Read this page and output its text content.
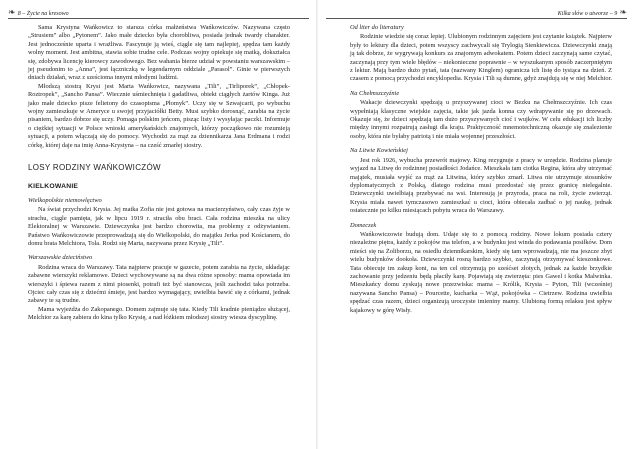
❧ 8 – Życie na kresowo

Sama Krystyna Wańkowicz to starsza córka małżeństwa Wańkowiczów. Nazywana często „Strusiem” albo „Pytonem”. Jako małe dziecko była chorobliwa, posiada jednak twardy charakter. Jest jednocześnie uparta i wrażliwa. Fascynuje ją wieś, ciągle się tam najlepiej, spędza tam każdy wolny moment. Jest ambitna, stawia sobie trudne cele. Podczas wojny opiekuje się matką, dokształca się, zdobywa licencję kierowcy zawodowego. Bez wahania bierze udział w powstaniu warszawskim – jej pseudonim to „Anna”, jest łączniczką w legendarnym oddziale „Parasol”. Ginie w pierwszych dniach działań, wraz z sześcioma innymi młodymi ludźmi.

Młodszą siostrą Krysi jest Marta Wańkowicz, nazywana „Tili”, „Tirliporek”, „Chłopek-Roztropek”, „Sancho Pansa”. Wiecznie uśmiechnięta i gadatliwa, obiekt ciągłych żartów Kinga. Już jako małe dziecko pisze felietony do czasopisma „Płomyk”. Uczy się w Szwajcarii, po wybuchu wojny zamieszkuje w Ameryce u swojej przyjaciółki Betty. Musi szybko dorosnąć, zarabia na życie pisaniem, bardzo dobrze się uczy. Pomaga polskim jeńcom, pisząc listy i wysyłając paczki. Informuje o ciężkiej sytuacji w Polsce wnioski amerykańskich znajomych, którzy początkowo nie rozumieją sytuacji, a potem włączają się do pomocy. Wychodzi za mąż za dziennikarza Jana Erdmana i rodzi córkę, której daje na imię Anna-Krystyna – na cześć zmarłej siostry.

LOSY RODZINY WAŃKOWICZÓW
KIELKOWANIE
Wielkopolskie niemowlęctwo

Na świat przychodzi Krysia. Jej matka Zofia nie jest gotowa na macierzyństwo, cały czas żyje w strachu, ciągle pamięta, jak w lipcu 1919 r. straciła obu braci. Cała rodzina mieszka na ulicy Elektoralnej w Warszawie. Dziewczynka jest bardzo chorowita, ma problemy z odżywianiem. Państwo Wańkowiczowie przeprowadzają się do Wielkopolski, do majątku Jerka pod Kościanem, do domu brata Melchiora, Tola. Rodzi się Marta, nazywana przez Krysię „Tili”.

Warszawskie dzieciństwo

Rodzina wraca do Warszawy. Tata najpierw pracuje w gazecie, potem zarabia na życie, układając zabawne wierszyki reklamowe. Dzieci wychowywane są na dwa różne sposoby: mama opowiada im wierszyki i śpiewa razem z nimi piosenki, potrafi też być stanowcza, jeśli zachodzi taka potrzeba. Ojciec cały czas się z dziećmi śmieje, jest bardzo wymagający, uwielbia bawić się z córkami, jednak zabawy te są trudne.

Mama wyjeżdża do Zakopanego. Domem zajmuje się tata. Kiedy Tili kradnie pieniądze służącej, Melchior za karę zabiera do kina tylko Krysię, a nad łóżkiem młodszej siostry wiesza dyscyplinę.

Kilka słów o utworze – 9 ❧
Od liter do literatury

Rodzinie wiedzie się coraz lepiej. Ulubionym rodzinnym zajęciem jest czytanie książek. Najpierw były to lektury dla dzieci, potem wszyscy zachwycali się Trylogią Sienkiewicza. Dziewczynki znają ją tak dobrze, że wygrywają konkurs za znajomym adwokatem. Potem dzieci zaczynają same czytać, zaczynają przy tym wiele błędów – niekonieczne poprawnie – w wyszukanym sposób zaczerpniętym z lektur. Mają bardzo dużo pytań, tata (nazwany Kinglem) ogranicza ich listę do tysiąca na dzień. Z czasem z pomocą przychodzi encyklopedia. Krysia i Tili są dumne, gdyż znajdują się w niej Melchior.

Na Chełmszczyźnie

Wakacje dziewczynki spędzają u przyszywanej cioci w Bezku na Chełmszczyźnie. Ich czas wypełniają klasyczne wiejskie zajęcia, takie jak jazda konna czy wdrapywanie się po drzewach. Okazuje się, że dzieci spędzają tam dużo przyszywanych cioć i wujków. W celu edukacji ich liczby między innymi rozpatrują zasługi dla kraju. Praktyczność mnemotechniczną okazuje się znalezienie osoby, która nie byłaby patriotą i nie miała wojennej przeszłości.

Na Litwie Kowieńskiej

Jest rok 1926, wybucha przewrót majowy. King rezygnuje z pracy w urzędzie. Rodzina planuje wyjazd na Litwę do rodzinnej posiadłości Jodańce. Mieszkała tam ciotka Regina, która aby utrzymać majątek, musiała wyjść za mąż za Litwina, który szybko zmarł. Litwa nie utrzymuje stosunków dyplomatycznych z Polską, dlatego rodzina musi przedostać się przez granicę nielegalnie. Dziewczynki uwielbiają przebywać na wsi. Interesują je przyroda, praca na roli, życie zwierząt. Krysia miała nawet tymczasowo zamieszkać u cioci, która obiecała zadbać o jej naukę, jednak ostatecznie po kilku miesiącach pobytu wraca do Warszawy.

Domeczek

Wańkowiczowie budują dom. Udaje się to z pomocą rodziny. Nowe lokum posiada cztery niezależne piętra, każdy z pokojów ma telefon, a w budynku jest winda do podawania posiłków. Dom mieści się na Żoliborzu, na osiedlu dziennikarskim, kiedy się tam wprowadzają, nie ma jeszcze zbyt wielu budynków dookoła. Dziewczynki rosną bardzo szybko, zaczynają otrzymywać kieszonkowe. Tata obiecuje im zakup koni, na ten cel otrzymują po sześćset złotych, jednak za każde brzydkie zachowanie przy jedzeniu będą płaciły karę. Pojawiają się zwierzęta: pies Gawel i kotka Malwinka. Mieszkańcy domu zyskują nowe przezwiska: mama – Królik, Krysia – Pyton, Tili (wcześniej nazywana Sancho Pansa) – Pourcette, kucharka – Wąż, pokojówka – Cietrzew. Rodzina uwielbia spędzać czas razem, dzieci organizują uroczyste imieniny mamy. Ulubioną formą relaksu jest spływ kajakowy w górę Wisły.
